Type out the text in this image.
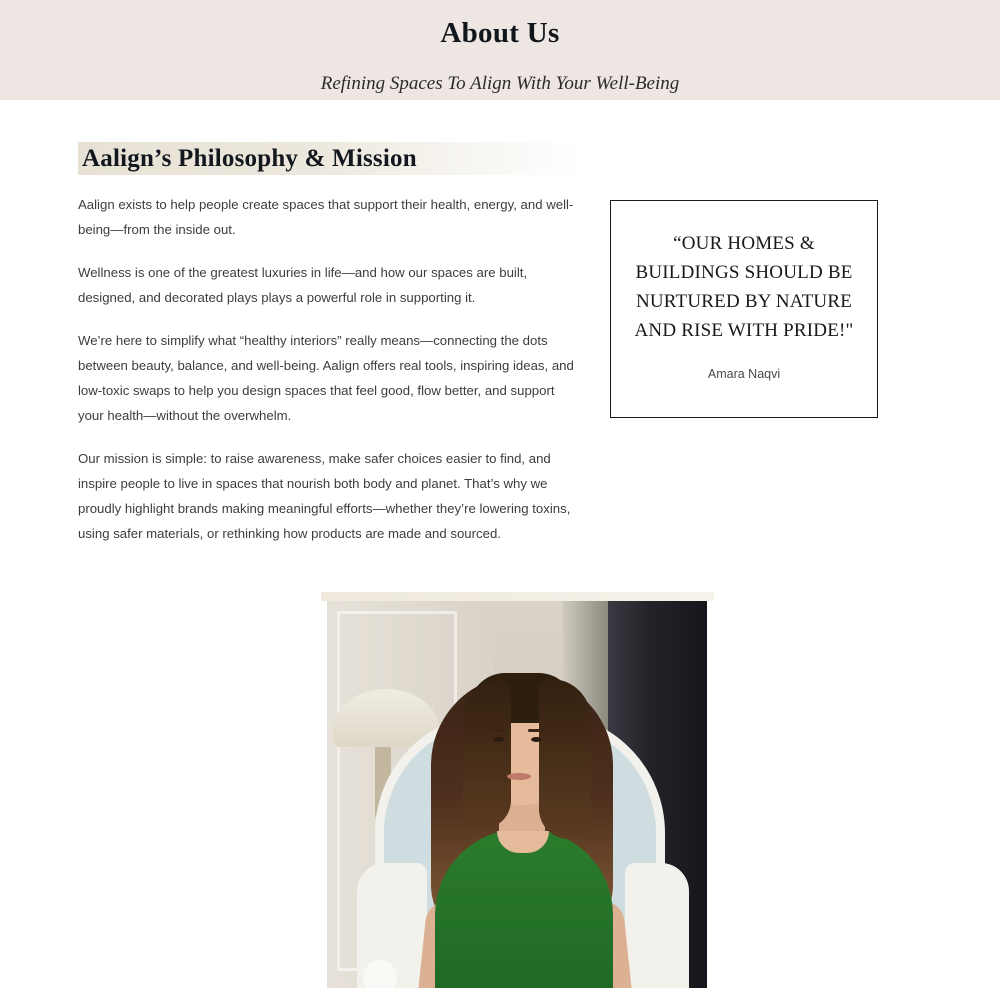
About Us
Refining Spaces To Align With Your Well-Being
Aalign’s Philosophy & Mission

Aalign exists to help people create spaces that support their health, energy, and well-being—from the inside out.

Wellness is one of the greatest luxuries in life—and how our spaces are built, designed, and decorated plays plays a powerful role in supporting it.

We’re here to simplify what “healthy interiors” really means—connecting the dots between beauty, balance, and well-being. Aalign offers real tools, inspiring ideas, and low-toxic swaps to help you design spaces that feel good, flow better, and support your health—without the overwhelm.

Our mission is simple: to raise awareness, make safer choices easier to find, and inspire people to live in spaces that nourish both body and planet. That’s why we proudly highlight brands making meaningful efforts—whether they’re lowering toxins, using safer materials, or rethinking how products are made and sourced.

“OUR HOMES & BUILDINGS SHOULD BE NURTURED BY NATURE AND RISE WITH PRIDE!"

Amara Naqvi
